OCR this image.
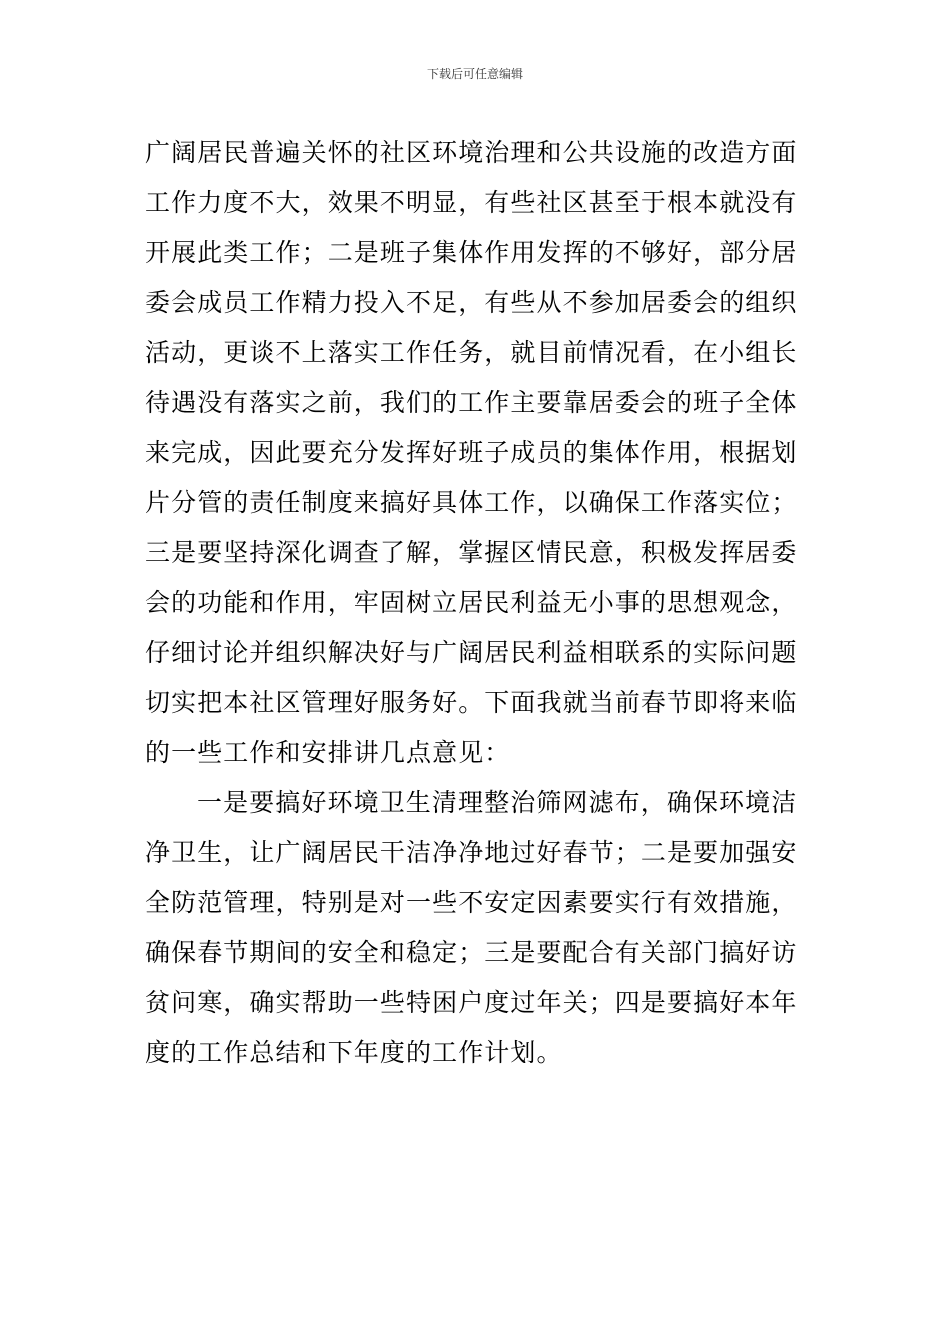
下载后可任意编辑
广阔居民普遍关怀的社区环境治理和公共设施的改造方面
工作力度不大，效果不明显，有些社区甚至于根本就没有
开展此类工作；二是班子集体作用发挥的不够好，部分居
委会成员工作精力投入不足，有些从不参加居委会的组织
活动，更谈不上落实工作任务，就目前情况看，在小组长
待遇没有落实之前，我们的工作主要靠居委会的班子全体
来完成，因此要充分发挥好班子成员的集体作用，根据划
片分管的责任制度来搞好具体工作，以确保工作落实位；
三是要坚持深化调查了解，掌握区情民意，积极发挥居委
会的功能和作用，牢固树立居民利益无小事的思想观念，
仔细讨论并组织解决好与广阔居民利益相联系的实际问题
切实把本社区管理好服务好。下面我就当前春节即将来临
的一些工作和安排讲几点意见：
一是要搞好环境卫生清理整治筛网滤布，确保环境洁
净卫生，让广阔居民干洁净净地过好春节；二是要加强安
全防范管理，特别是对一些不安定因素要实行有效措施，
确保春节期间的安全和稳定；三是要配合有关部门搞好访
贫问寒，确实帮助一些特困户度过年关；四是要搞好本年
度的工作总结和下年度的工作计划。
